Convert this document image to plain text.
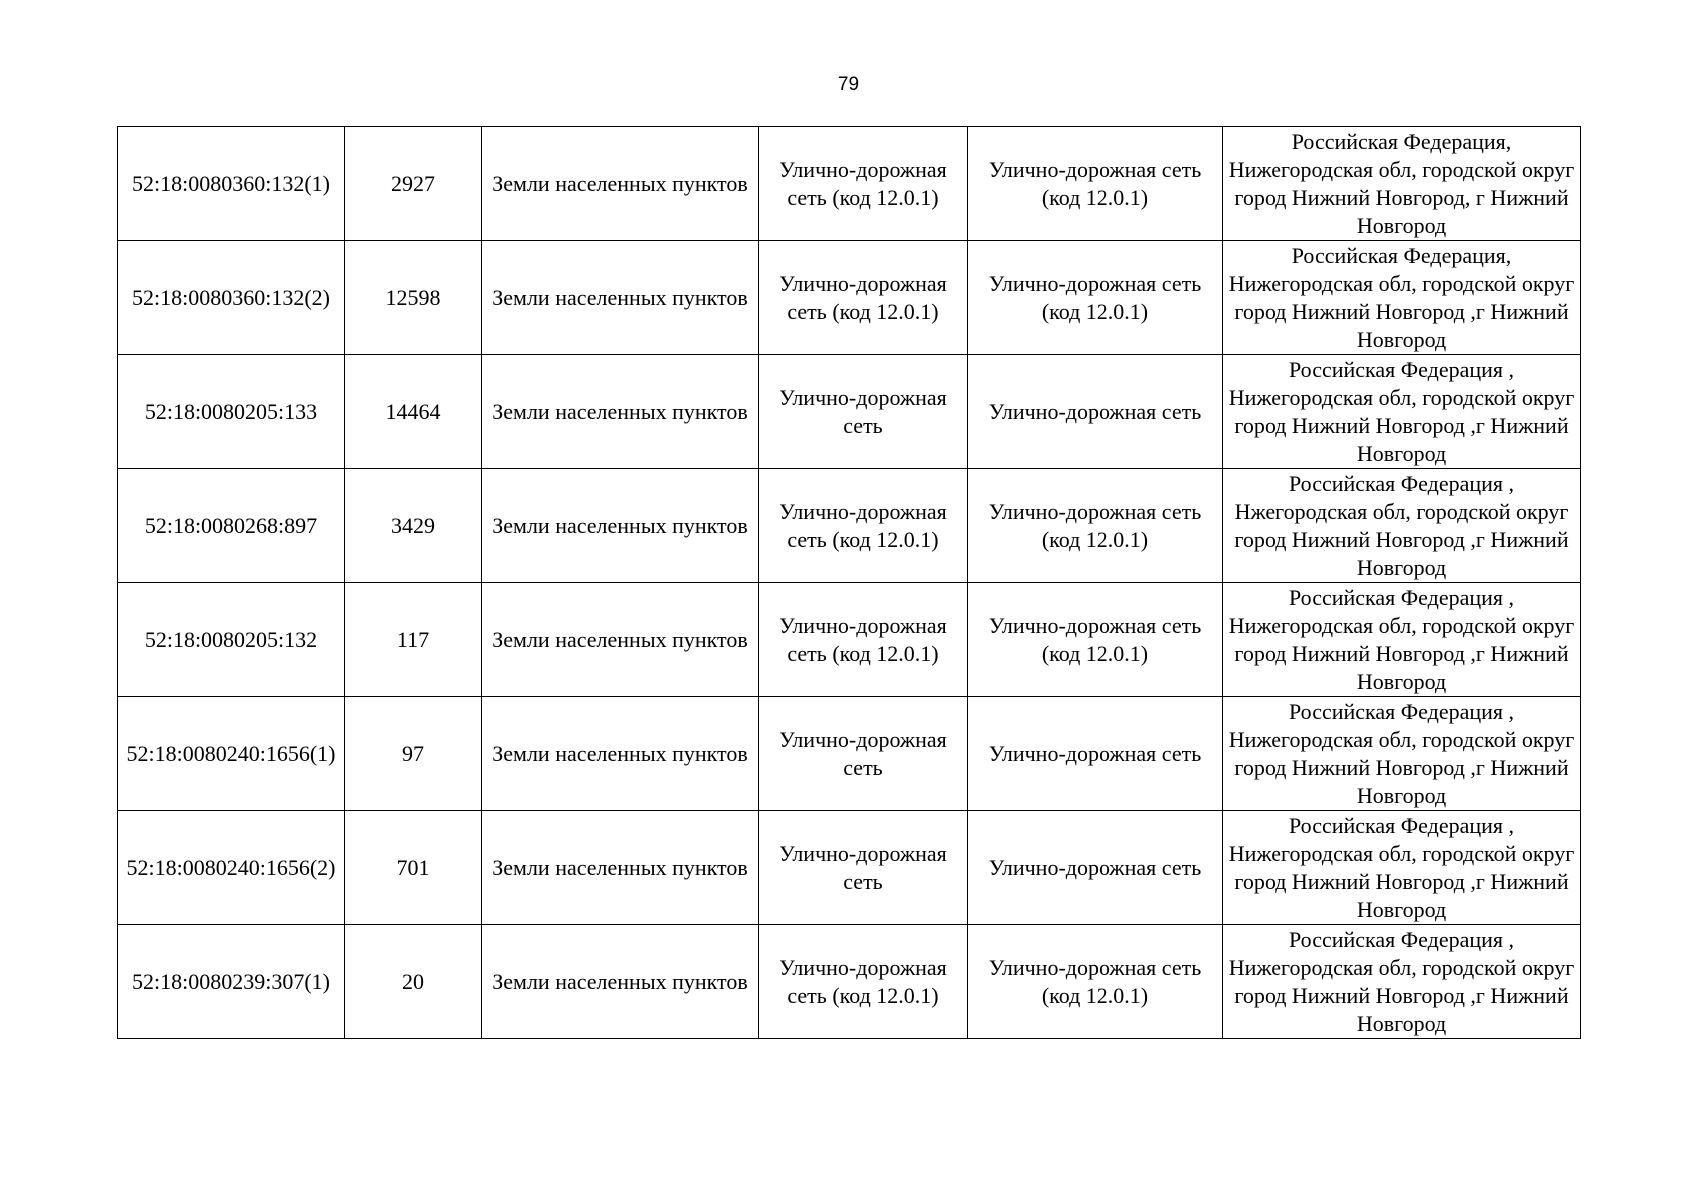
79
52:18:0080360:132(1)	2927	Земли населенных пунктов	Улично-дорожная сеть (код 12.0.1)	Улично-дорожная сеть (код 12.0.1)	Российская Федерация, Нижегородская обл, городской округ город Нижний Новгород, г Нижний Новгород
52:18:0080360:132(2)	12598	Земли населенных пунктов	Улично-дорожная сеть (код 12.0.1)	Улично-дорожная сеть (код 12.0.1)	Российская Федерация, Нижегородская обл, городской округ город Нижний Новгород ,г Нижний Новгород
52:18:0080205:133	14464	Земли населенных пунктов	Улично-дорожная сеть	Улично-дорожная сеть	Российская Федерация , Нижегородская обл, городской округ город Нижний Новгород ,г Нижний Новгород
52:18:0080268:897	3429	Земли населенных пунктов	Улично-дорожная сеть (код 12.0.1)	Улично-дорожная сеть (код 12.0.1)	Российская Федерация , Нжегородская обл, городской округ город Нижний Новгород ,г Нижний Новгород
52:18:0080205:132	117	Земли населенных пунктов	Улично-дорожная сеть (код 12.0.1)	Улично-дорожная сеть (код 12.0.1)	Российская Федерация , Нижегородская обл, городской округ город Нижний Новгород ,г Нижний Новгород
52:18:0080240:1656(1)	97	Земли населенных пунктов	Улично-дорожная сеть	Улично-дорожная сеть	Российская Федерация , Нижегородская обл, городской округ город Нижний Новгород ,г Нижний Новгород
52:18:0080240:1656(2)	701	Земли населенных пунктов	Улично-дорожная сеть	Улично-дорожная сеть	Российская Федерация , Нижегородская обл, городской округ город Нижний Новгород ,г Нижний Новгород
52:18:0080239:307(1)	20	Земли населенных пунктов	Улично-дорожная сеть (код 12.0.1)	Улично-дорожная сеть (код 12.0.1)	Российская Федерация , Нижегородская обл, городской округ город Нижний Новгород ,г Нижний Новгород
